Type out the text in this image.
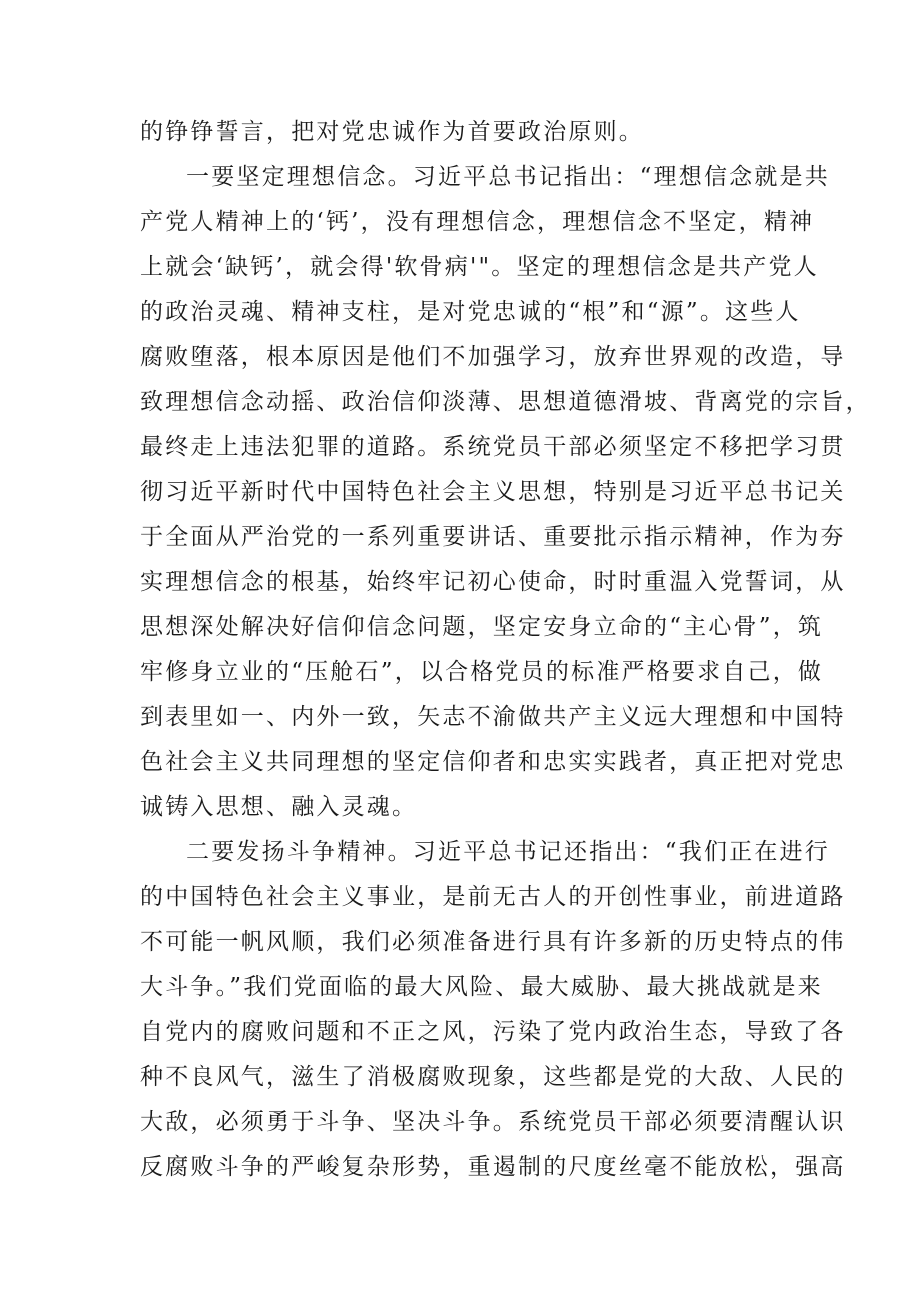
的铮铮誓言，把对党忠诚作为首要政治原则。
一要坚定理想信念。习近平总书记指出：“理想信念就是共
产党人精神上的‘钙’，没有理想信念，理想信念不坚定，精神
上就会‘缺钙’，就会得'软骨病'"。坚定的理想信念是共产党人
的政治灵魂、精神支柱，是对党忠诚的“根”和“源”。这些人
腐败堕落，根本原因是他们不加强学习，放弃世界观的改造，导
致理想信念动摇、政治信仰淡薄、思想道德滑坡、背离党的宗旨，
最终走上违法犯罪的道路。系统党员干部必须坚定不移把学习贯
彻习近平新时代中国特色社会主义思想，特别是习近平总书记关
于全面从严治党的一系列重要讲话、重要批示指示精神，作为夯
实理想信念的根基，始终牢记初心使命，时时重温入党誓词，从
思想深处解决好信仰信念问题，坚定安身立命的“主心骨”，筑
牢修身立业的“压舱石”，以合格党员的标准严格要求自己，做
到表里如一、内外一致，矢志不渝做共产主义远大理想和中国特
色社会主义共同理想的坚定信仰者和忠实实践者，真正把对党忠
诚铸入思想、融入灵魂。
二要发扬斗争精神。习近平总书记还指出：“我们正在进行
的中国特色社会主义事业，是前无古人的开创性事业，前进道路
不可能一帆风顺，我们必须准备进行具有许多新的历史特点的伟
大斗争。”我们党面临的最大风险、最大威胁、最大挑战就是来
自党内的腐败问题和不正之风，污染了党内政治生态，导致了各
种不良风气，滋生了消极腐败现象，这些都是党的大敌、人民的
大敌，必须勇于斗争、坚决斗争。系统党员干部必须要清醒认识
反腐败斗争的严峻复杂形势，重遏制的尺度丝毫不能放松，强高
